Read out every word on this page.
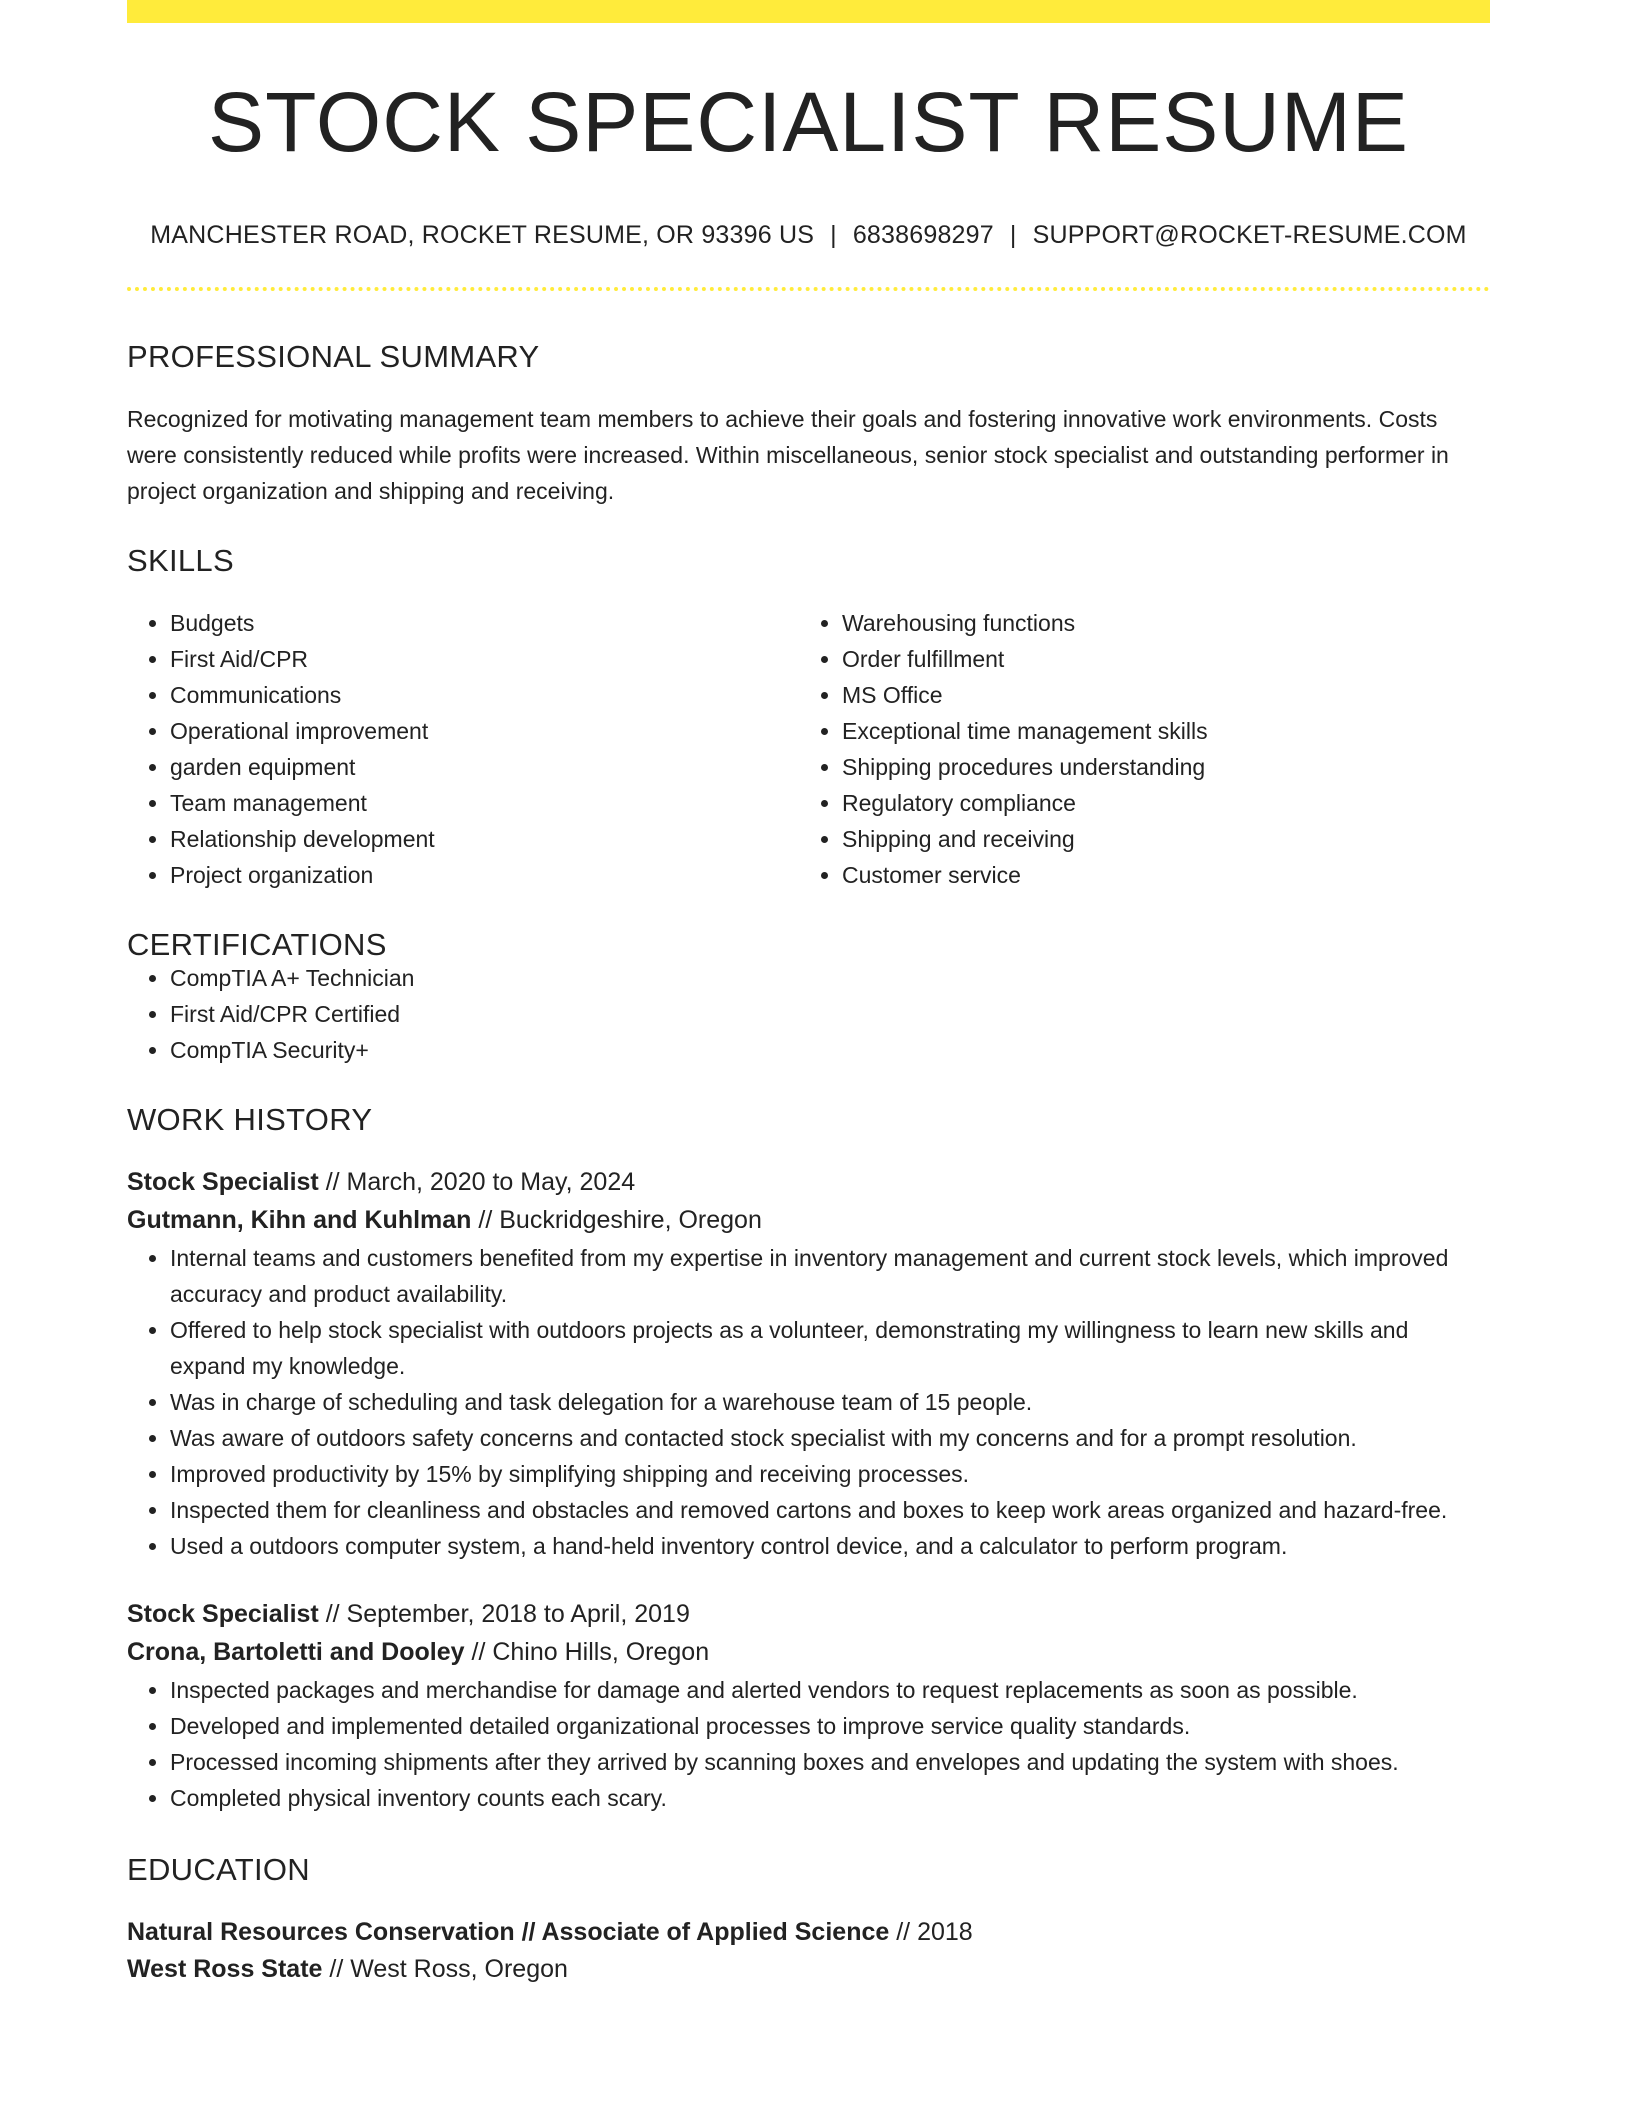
STOCK SPECIALIST RESUME
MANCHESTER ROAD, ROCKET RESUME, OR 93396 US | 6838698297 | SUPPORT@ROCKET-RESUME.COM
PROFESSIONAL SUMMARY
Recognized for motivating management team members to achieve their goals and fostering innovative work environments. Costs were consistently reduced while profits were increased. Within miscellaneous, senior stock specialist and outstanding performer in project organization and shipping and receiving.
SKILLS
• Budgets
• First Aid/CPR
• Communications
• Operational improvement
• garden equipment
• Team management
• Relationship development
• Project organization
• Warehousing functions
• Order fulfillment
• MS Office
• Exceptional time management skills
• Shipping procedures understanding
• Regulatory compliance
• Shipping and receiving
• Customer service
CERTIFICATIONS
• CompTIA A+ Technician
• First Aid/CPR Certified
• CompTIA Security+
WORK HISTORY
Stock Specialist // March, 2020 to May, 2024
Gutmann, Kihn and Kuhlman // Buckridgeshire, Oregon
• Internal teams and customers benefited from my expertise in inventory management and current stock levels, which improved accuracy and product availability.
• Offered to help stock specialist with outdoors projects as a volunteer, demonstrating my willingness to learn new skills and expand my knowledge.
• Was in charge of scheduling and task delegation for a warehouse team of 15 people.
• Was aware of outdoors safety concerns and contacted stock specialist with my concerns and for a prompt resolution.
• Improved productivity by 15% by simplifying shipping and receiving processes.
• Inspected them for cleanliness and obstacles and removed cartons and boxes to keep work areas organized and hazard-free.
• Used a outdoors computer system, a hand-held inventory control device, and a calculator to perform program.
Stock Specialist // September, 2018 to April, 2019
Crona, Bartoletti and Dooley // Chino Hills, Oregon
• Inspected packages and merchandise for damage and alerted vendors to request replacements as soon as possible.
• Developed and implemented detailed organizational processes to improve service quality standards.
• Processed incoming shipments after they arrived by scanning boxes and envelopes and updating the system with shoes.
• Completed physical inventory counts each scary.
EDUCATION
Natural Resources Conservation // Associate of Applied Science // 2018
West Ross State // West Ross, Oregon
